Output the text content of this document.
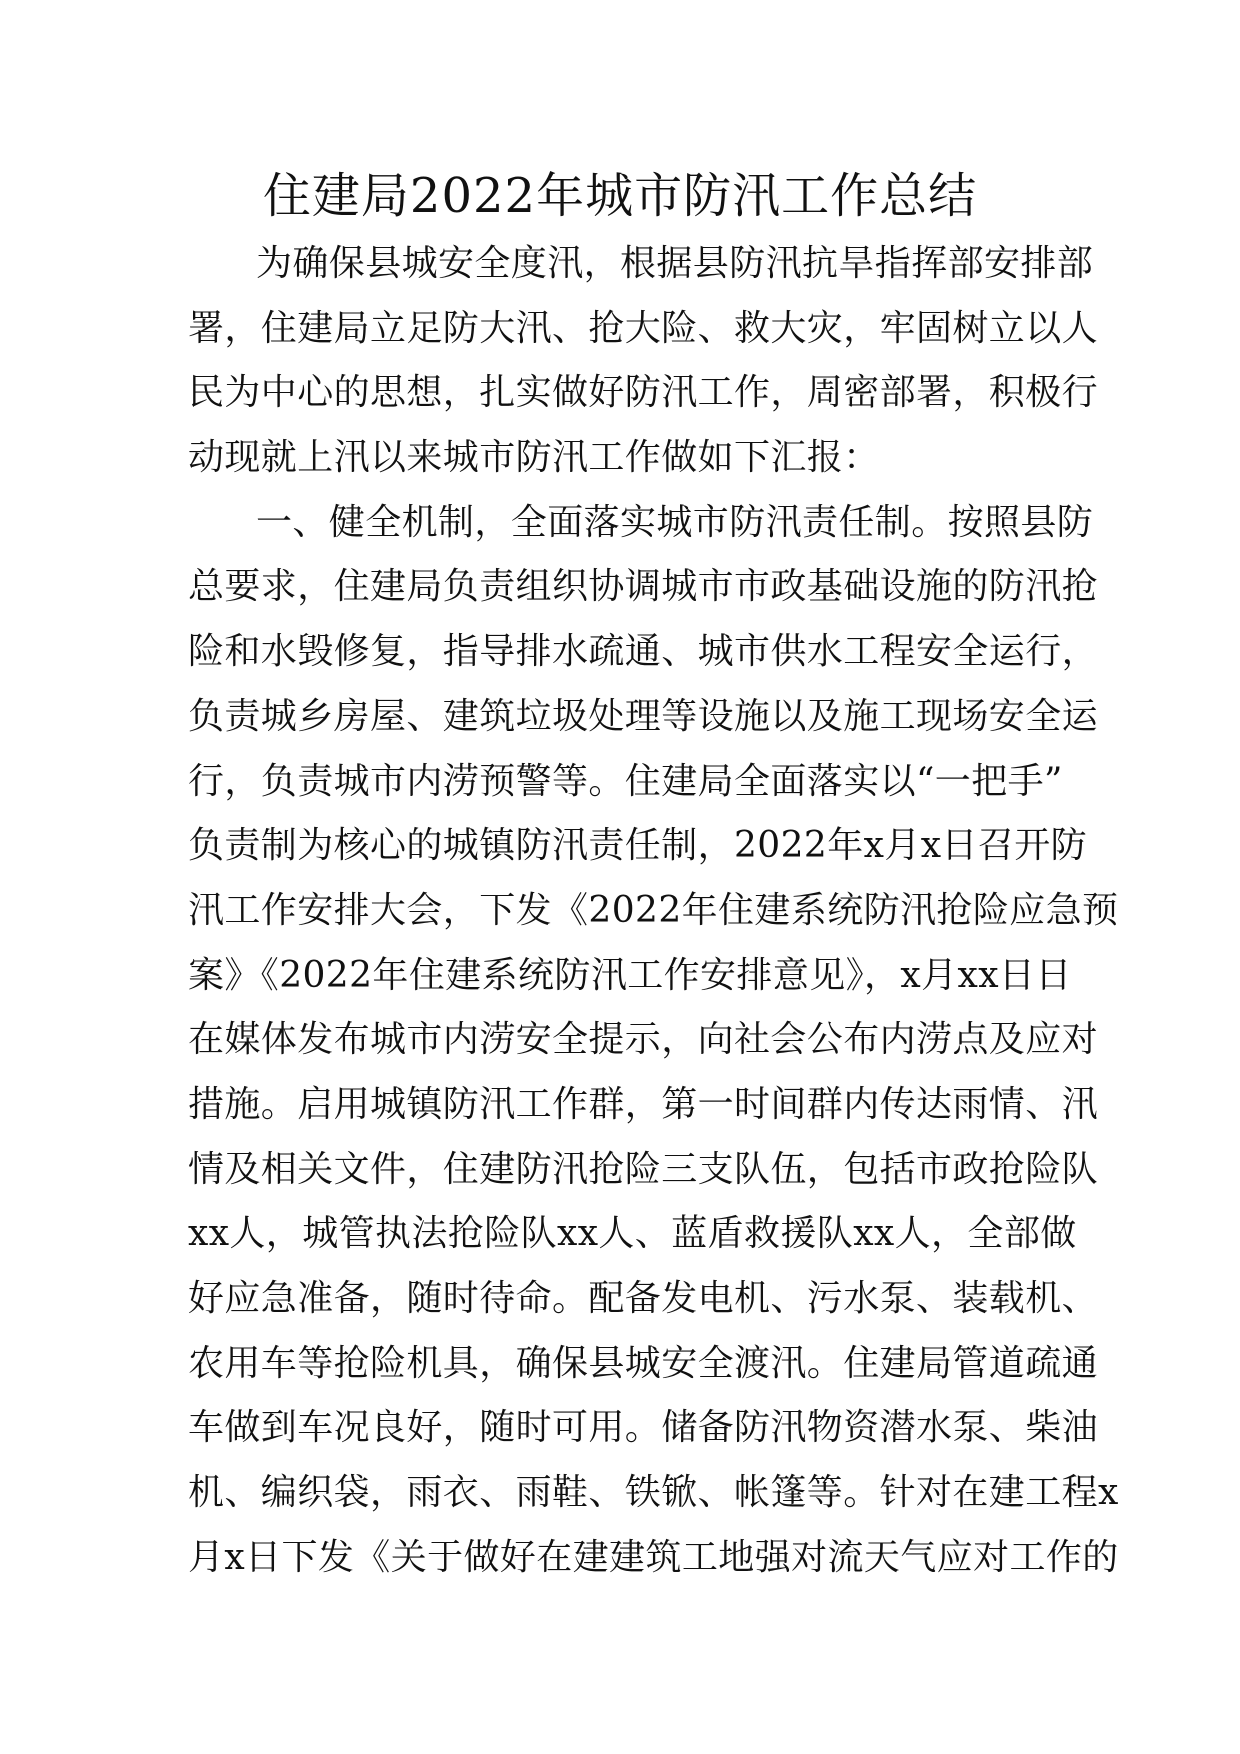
住建局2022年城市防汛工作总结
为确保县城安全度汛，根据县防汛抗旱指挥部安排部
署，住建局立足防大汛、抢大险、救大灾，牢固树立以人
民为中心的思想，扎实做好防汛工作，周密部署，积极行
动现就上汛以来城市防汛工作做如下汇报：
一、健全机制，全面落实城市防汛责任制。按照县防
总要求，住建局负责组织协调城市市政基础设施的防汛抢
险和水毁修复，指导排水疏通、城市供水工程安全运行，
负责城乡房屋、建筑垃圾处理等设施以及施工现场安全运
行，负责城市内涝预警等。住建局全面落实以“一把手”
负责制为核心的城镇防汛责任制，2022年x月x日召开防
汛工作安排大会，下发《2022年住建系统防汛抢险应急预
案》《2022年住建系统防汛工作安排意见》，x月xx日日
在媒体发布城市内涝安全提示，向社会公布内涝点及应对
措施。启用城镇防汛工作群，第一时间群内传达雨情、汛
情及相关文件，住建防汛抢险三支队伍，包括市政抢险队
xx人，城管执法抢险队xx人、蓝盾救援队xx人，全部做
好应急准备，随时待命。配备发电机、污水泵、装载机、
农用车等抢险机具，确保县城安全渡汛。住建局管道疏通
车做到车况良好，随时可用。储备防汛物资潜水泵、柴油
机、编织袋，雨衣、雨鞋、铁锨、帐篷等。针对在建工程x
月x日下发《关于做好在建建筑工地强对流天气应对工作的
